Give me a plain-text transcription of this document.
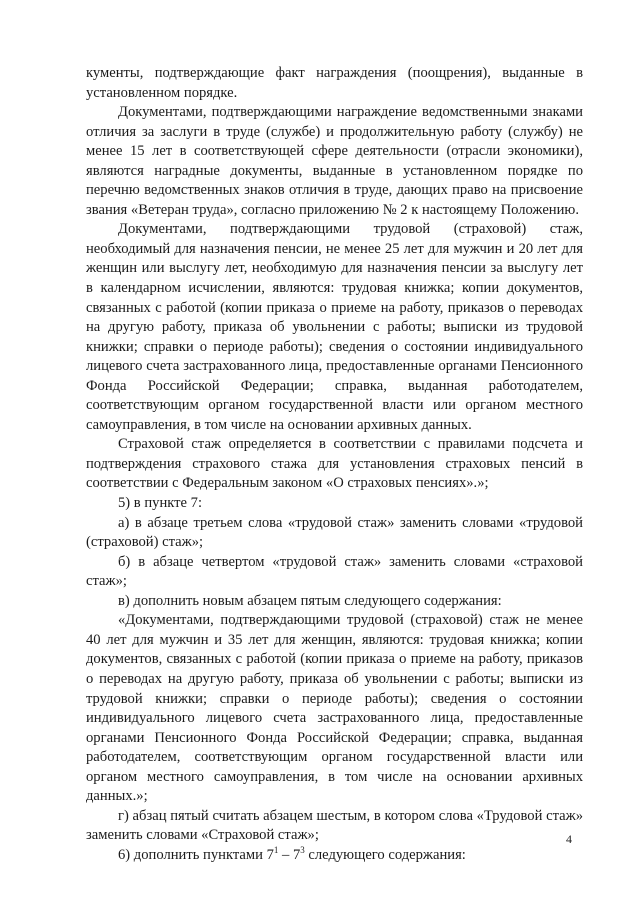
кументы, подтверждающие факт награждения (поощрения), выданные в установленном порядке.

Документами, подтверждающими награждение ведомственными знаками отличия за заслуги в труде (службе) и продолжительную работу (службу) не менее 15 лет в соответствующей сфере деятельности (отрасли экономики), являются наградные документы, выданные в установленном порядке по перечню ведомственных знаков отличия в труде, дающих право на присвоение звания «Ветеран труда», согласно приложению № 2 к настоящему Положению.

Документами, подтверждающими трудовой (страховой) стаж, необходимый для назначения пенсии, не менее 25 лет для мужчин и 20 лет для женщин или выслугу лет, необходимую для назначения пенсии за выслугу лет в календарном исчислении, являются: трудовая книжка; копии документов, связанных с работой (копии приказа о приеме на работу, приказов о переводах на другую работу, приказа об увольнении с работы; выписки из трудовой книжки; справки о периоде работы); сведения о состоянии индивидуального лицевого счета застрахованного лица, предоставленные органами Пенсионного Фонда Российской Федерации; справка, выданная работодателем, соответствующим органом государственной власти или органом местного самоуправления, в том числе на основании архивных данных.

Страховой стаж определяется в соответствии с правилами подсчета и подтверждения страхового стажа для установления страховых пенсий в соответствии с Федеральным законом «О страховых пенсиях».»;

5) в пункте 7:

а) в абзаце третьем слова «трудовой стаж» заменить словами «трудовой (страховой) стаж»;

б) в абзаце четвертом «трудовой стаж» заменить словами «страховой стаж»;

в) дополнить новым абзацем пятым следующего содержания:

«Документами, подтверждающими трудовой (страховой) стаж не менее 40 лет для мужчин и 35 лет для женщин, являются: трудовая книжка; копии документов, связанных с работой (копии приказа о приеме на работу, приказов о переводах на другую работу, приказа об увольнении с работы; выписки из трудовой книжки; справки о периоде работы); сведения о состоянии индивидуального лицевого счета застрахованного лица, предоставленные органами Пенсионного Фонда Российской Федерации; справка, выданная работодателем, соответствующим органом государственной власти или органом местного самоуправления, в том числе на основании архивных данных.»;

г) абзац пятый считать абзацем шестым, в котором слова «Трудовой стаж» заменить словами «Страховой стаж»;

6) дополнить пунктами $7^1 - 7^3$ следующего содержания:

4
